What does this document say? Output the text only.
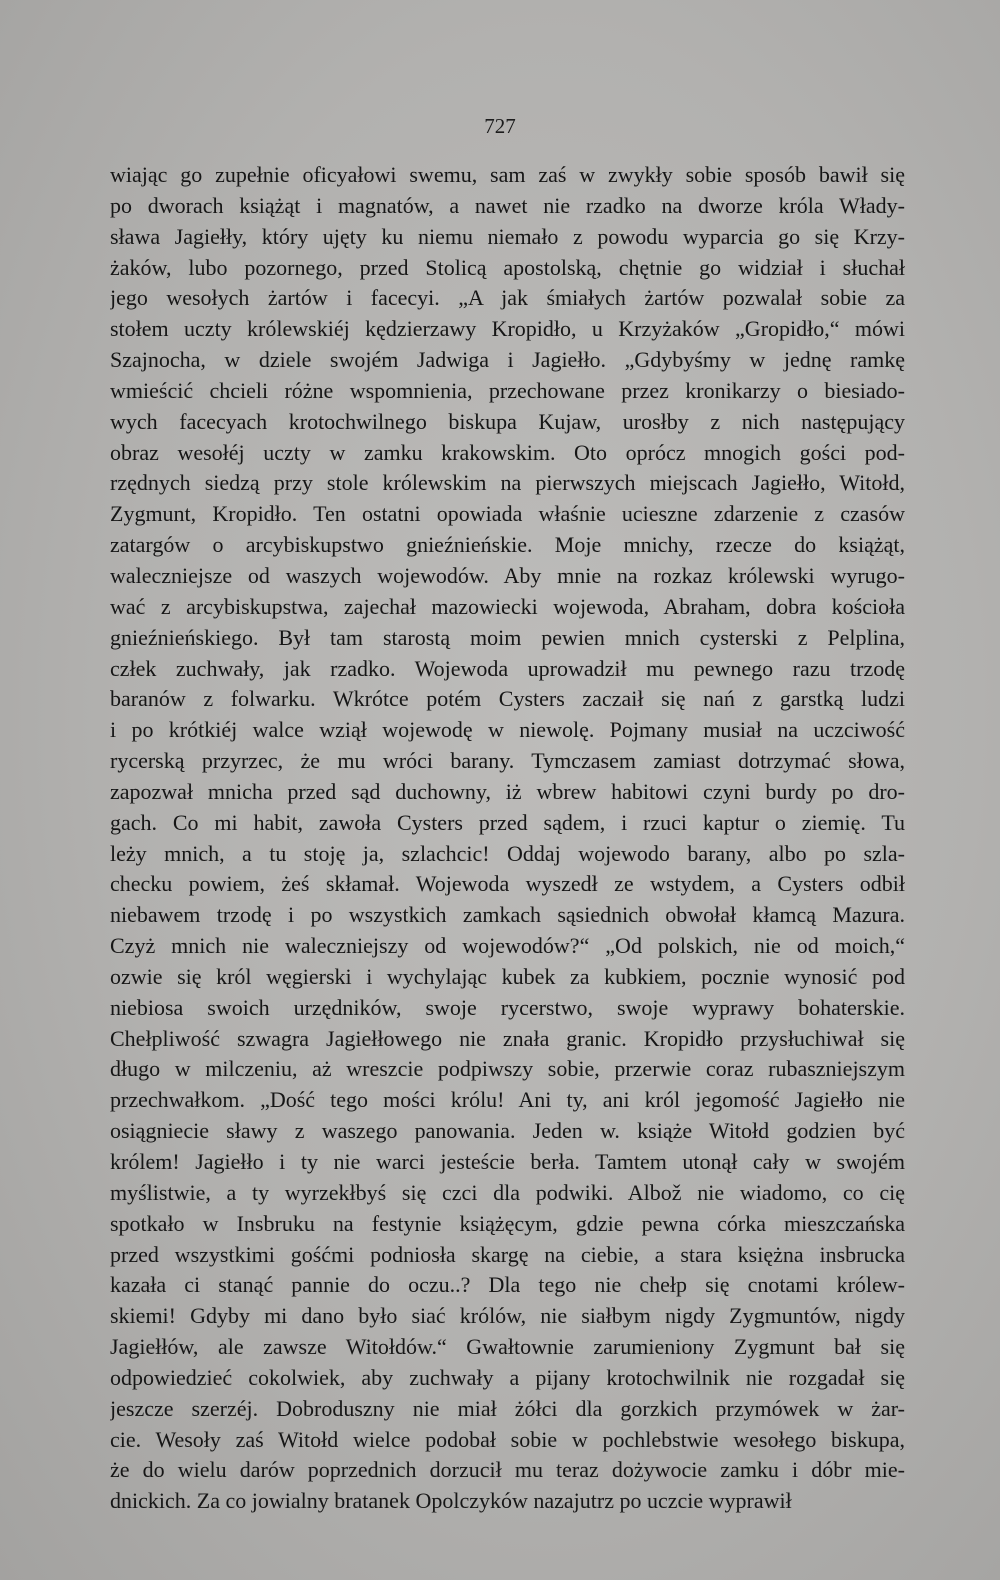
727
wiając go zupełnie oficyałowi swemu, sam zaś w zwykły sobie sposób bawił się
po dworach książąt i magnatów, a nawet nie rzadko na dworze króla Włady-
sława Jagiełły, który ujęty ku niemu niemało z powodu wyparcia go się Krzy-
żaków, lubo pozornego, przed Stolicą apostolską, chętnie go widział i słuchał
jego wesołych żartów i facecyi. „A jak śmiałych żartów pozwalał sobie za
stołem uczty królewskiéj kędzierzawy Kropidło, u Krzyżaków „Gropidło,“ mówi
Szajnocha, w dziele swojém Jadwiga i Jagiełło. „Gdybyśmy w jednę ramkę
wmieścić chcieli różne wspomnienia, przechowane przez kronikarzy o biesiado-
wych facecyach krotochwilnego biskupa Kujaw, urosłby z nich następujący
obraz wesołéj uczty w zamku krakowskim. Oto oprócz mnogich gości pod-
rzędnych siedzą przy stole królewskim na pierwszych miejscach Jagiełło, Witołd,
Zygmunt, Kropidło. Ten ostatni opowiada właśnie ucieszne zdarzenie z czasów
zatargów o arcybiskupstwo gnieźnieńskie. Moje mnichy, rzecze do książąt,
waleczniejsze od waszych wojewodów. Aby mnie na rozkaz królewski wyrugo-
wać z arcybiskupstwa, zajechał mazowiecki wojewoda, Abraham, dobra kościoła
gnieźnieńskiego. Był tam starostą moim pewien mnich cysterski z Pelplina,
człek zuchwały, jak rzadko. Wojewoda uprowadził mu pewnego razu trzodę
baranów z folwarku. Wkrótce potém Cysters zaczaił się nań z garstką ludzi
i po krótkiéj walce wziął wojewodę w niewolę. Pojmany musiał na uczciwość
rycerską przyrzec, że mu wróci barany. Tymczasem zamiast dotrzymać słowa,
zapozwał mnicha przed sąd duchowny, iż wbrew habitowi czyni burdy po dro-
gach. Co mi habit, zawoła Cysters przed sądem, i rzuci kaptur o ziemię. Tu
leży mnich, a tu stoję ja, szlachcic! Oddaj wojewodo barany, albo po szla-
checku powiem, żeś skłamał. Wojewoda wyszedł ze wstydem, a Cysters odbił
niebawem trzodę i po wszystkich zamkach sąsiednich obwołał kłamcą Mazura.
Czyż mnich nie waleczniejszy od wojewodów?“ „Od polskich, nie od moich,“
ozwie się król węgierski i wychylając kubek za kubkiem, pocznie wynosić pod
niebiosa swoich urzędników, swoje rycerstwo, swoje wyprawy bohaterskie.
Chełpliwość szwagra Jagiełłowego nie znała granic. Kropidło przysłuchiwał się
długo w milczeniu, aż wreszcie podpiwszy sobie, przerwie coraz rubaszniejszym
przechwałkom. „Dość tego mości królu! Ani ty, ani król jegomość Jagiełło nie
osiągniecie sławy z waszego panowania. Jeden w. książe Witołd godzien być
królem! Jagiełło i ty nie warci jesteście berła. Tamtem utonął cały w swojém
myślistwie, a ty wyrzekłbyś się czci dla podwiki. Albož nie wiadomo, co cię
spotkało w Insbruku na festynie książęcym, gdzie pewna córka mieszczańska
przed wszystkimi gośćmi podniosła skargę na ciebie, a stara księżna insbrucka
kazała ci stanąć pannie do oczu..? Dla tego nie chełp się cnotami królew-
skiemi! Gdyby mi dano było siać królów, nie siałbym nigdy Zygmuntów, nigdy
Jagiełłów, ale zawsze Witołdów.“ Gwałtownie zarumieniony Zygmunt bał się
odpowiedzieć cokolwiek, aby zuchwały a pijany krotochwilnik nie rozgadał się
jeszcze szerzéj. Dobroduszny nie miał żółci dla gorzkich przymówek w żar-
cie. Wesoły zaś Witołd wielce podobał sobie w pochlebstwie wesołego biskupa,
że do wielu darów poprzednich dorzucił mu teraz dożywocie zamku i dóbr mie-
dnickich. Za co jowialny bratanek Opolczyków nazajutrz po uczcie wyprawił
